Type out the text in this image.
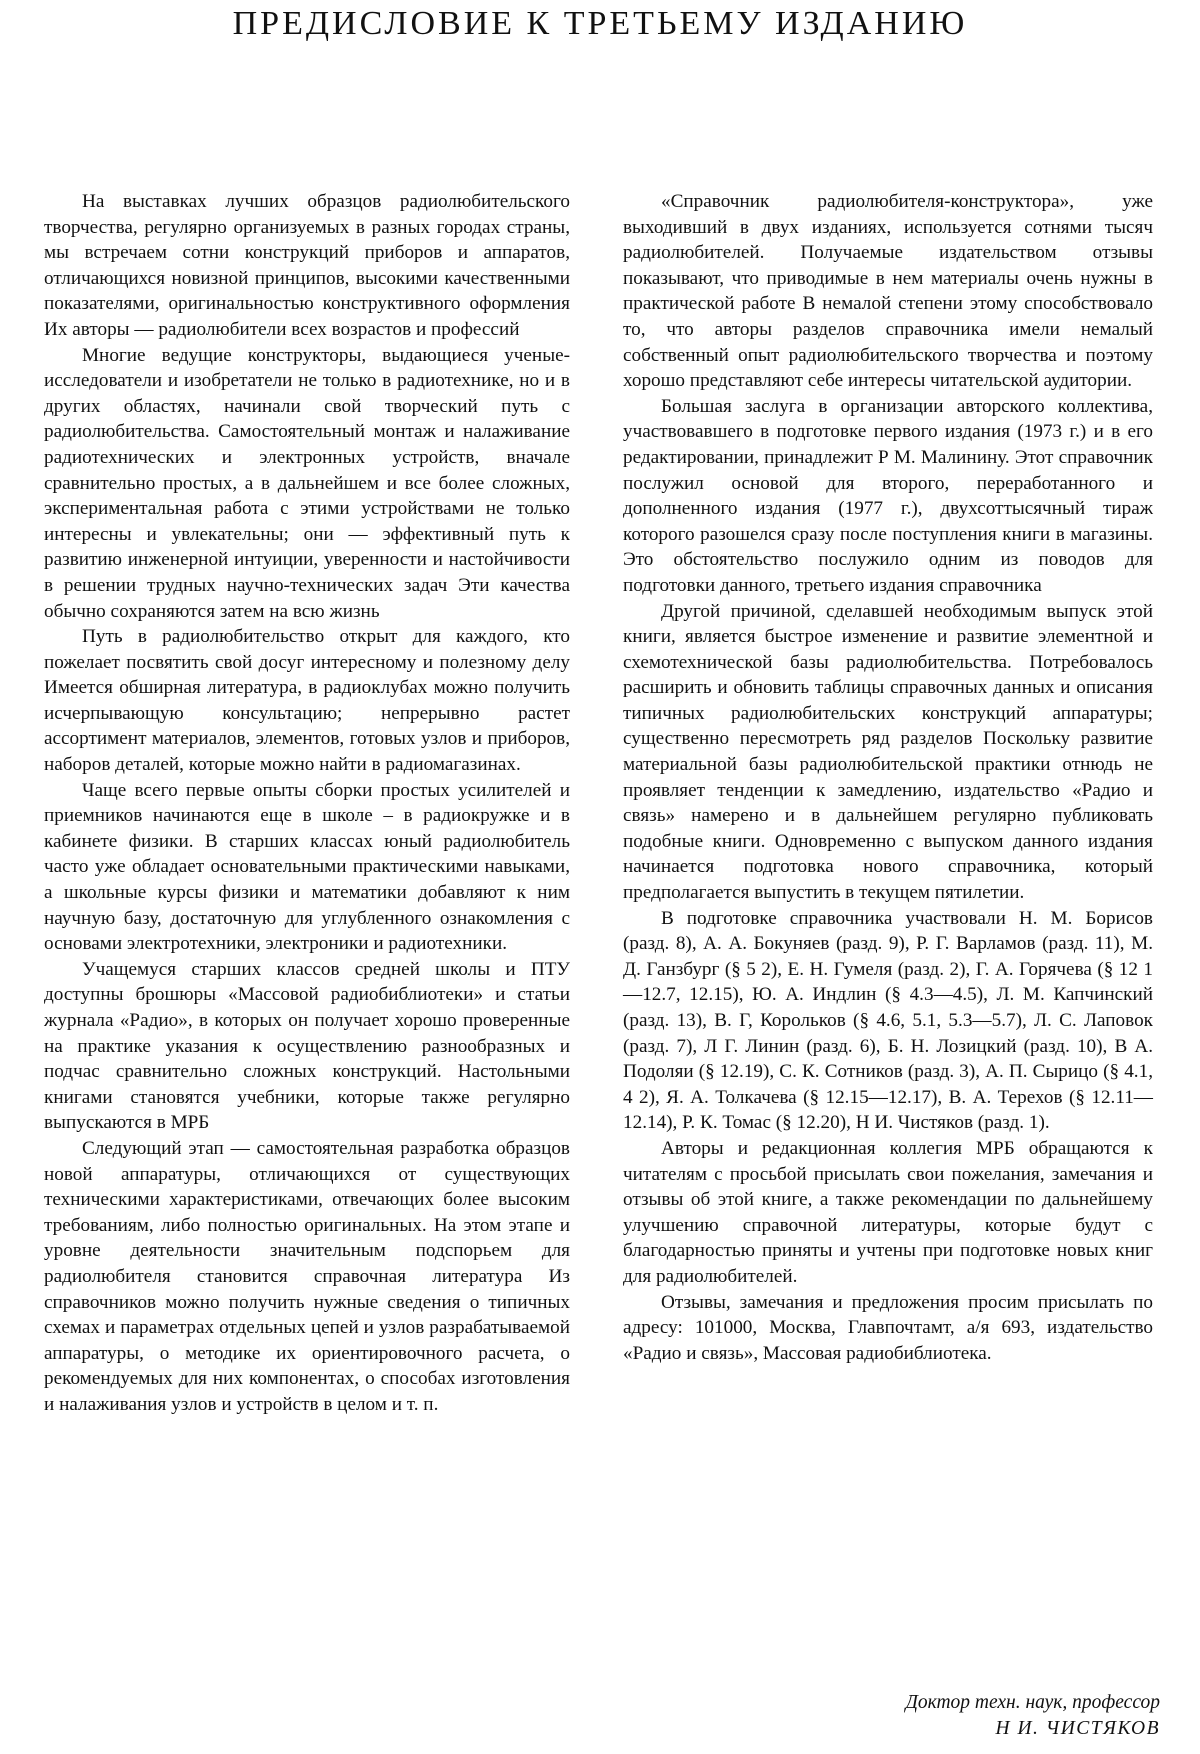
ПРЕДИСЛОВИЕ К ТРЕТЬЕМУ ИЗДАНИЮ

На выставках лучших образцов радиолюбительского творчества, регулярно организуемых в разных городах страны, мы встречаем сотни конструкций приборов и аппаратов, отличающихся новизной принципов, высокими качественными показателями, оригинальностью конструктивного оформления Их авторы — радиолюбители всех возрастов и профессий

Многие ведущие конструкторы, выдающиеся ученые-исследователи и изобретатели не только в радиотехнике, но и в других областях, начинали свой творческий путь с радиолюбительства. Самостоятельный монтаж и налаживание радиотехнических и электронных устройств, вначале сравнительно простых, а в дальнейшем и все более сложных, экспериментальная работа с этими устройствами не только интересны и увлекательны; они — эффективный путь к развитию инженерной интуиции, уверенности и настойчивости в решении трудных научно-технических задач Эти качества обычно сохраняются затем на всю жизнь

Путь в радиолюбительство открыт для каждого, кто пожелает посвятить свой досуг интересному и полезному делу Имеется обширная литература, в радиоклубах можно получить исчерпывающую консультацию; непрерывно растет ассортимент материалов, элементов, готовых узлов и приборов, наборов деталей, которые можно найти в радиомагазинах.

Чаще всего первые опыты сборки простых усилителей и приемников начинаются еще в школе – в радиокружке и в кабинете физики. В старших классах юный радиолюбитель часто уже обладает основательными практическими навыками, а школьные курсы физики и математики добавляют к ним научную базу, достаточную для углубленного ознакомления с основами электротехники, электроники и радиотехники.

Учащемуся старших классов средней школы и ПТУ доступны брошюры «Массовой радиобиблиотеки» и статьи журнала «Радио», в которых он получает хорошо проверенные на практике указания к осуществлению разнообразных и подчас сравнительно сложных конструкций. Настольными книгами становятся учебники, которые также регулярно выпускаются в МРБ

Следующий этап — самостоятельная разработка образцов новой аппаратуры, отличающихся от существующих техническими характеристиками, отвечающих более высоким требованиям, либо полностью оригинальных. На этом этапе и уровне деятельности значительным подспорьем для радиолюбителя становится справочная литература Из справочников можно получить нужные сведения о типичных схемах и параметрах отдельных цепей и узлов разрабатываемой аппаратуры, о методике их ориентировочного расчета, о рекомендуемых для них компонентах, о способах изготовления и налаживания узлов и устройств в целом и т. п.

«Справочник радиолюбителя-конструктора», уже выходивший в двух изданиях, используется сотнями тысяч радиолюбителей. Получаемые издательством отзывы показывают, что приводимые в нем материалы очень нужны в практической работе В немалой степени этому способствовало то, что авторы разделов справочника имели немалый собственный опыт радиолюбительского творчества и поэтому хорошо представляют себе интересы читательской аудитории.

Большая заслуга в организации авторского коллектива, участвовавшего в подготовке первого издания (1973 г.) и в его редактировании, принадлежит Р М. Малинину. Этот справочник послужил основой для второго, переработанного и дополненного издания (1977 г.), двухсоттысячный тираж которого разошелся сразу после поступления книги в магазины. Это обстоятельство послужило одним из поводов для подготовки данного, третьего издания справочника

Другой причиной, сделавшей необходимым выпуск этой книги, является быстрое изменение и развитие элементной и схемотехнической базы радиолюбительства. Потребовалось расширить и обновить таблицы справочных данных и описания типичных радиолюбительских конструкций аппаратуры; существенно пересмотреть ряд разделов Поскольку развитие материальной базы радиолюбительской практики отнюдь не проявляет тенденции к замедлению, издательство «Радио и связь» намерено и в дальнейшем регулярно публиковать подобные книги. Одновременно с выпуском данного издания начинается подготовка нового справочника, который предполагается выпустить в текущем пятилетии.

В подготовке справочника участвовали Н. М. Борисов (разд. 8), А. А. Бокуняев (разд. 9), Р. Г. Варламов (разд. 11), М. Д. Ганзбург (§ 5 2), Е. Н. Гумеля (разд. 2), Г. А. Горячева (§ 12 1—12.7, 12.15), Ю. А. Индлин (§ 4.3—4.5), Л. М. Капчинский (разд. 13), В. Г, Корольков (§ 4.6, 5.1, 5.3—5.7), Л. С. Лаповок (разд. 7), Л Г. Линин (разд. 6), Б. Н. Лозицкий (разд. 10), В А. Подоляи (§ 12.19), С. К. Сотников (разд. 3), А. П. Сырицо (§ 4.1, 4 2), Я. А. Толкачева (§ 12.15—12.17), В. А. Терехов (§ 12.11—12.14), Р. К. Томас (§ 12.20), Н И. Чистяков (разд. 1).

Авторы и редакционная коллегия МРБ обращаются к читателям с просьбой присылать свои пожелания, замечания и отзывы об этой книге, а также рекомендации по дальнейшему улучшению справочной литературы, которые будут с благодарностью приняты и учтены при подготовке новых книг для радиолюбителей.

Отзывы, замечания и предложения просим присылать по адресу: 101000, Москва, Главпочтамт, а/я 693, издательство «Радио и связь», Массовая радиобиблиотека.

Доктор техн. наук, профессор
Н И. ЧИСТЯКОВ
